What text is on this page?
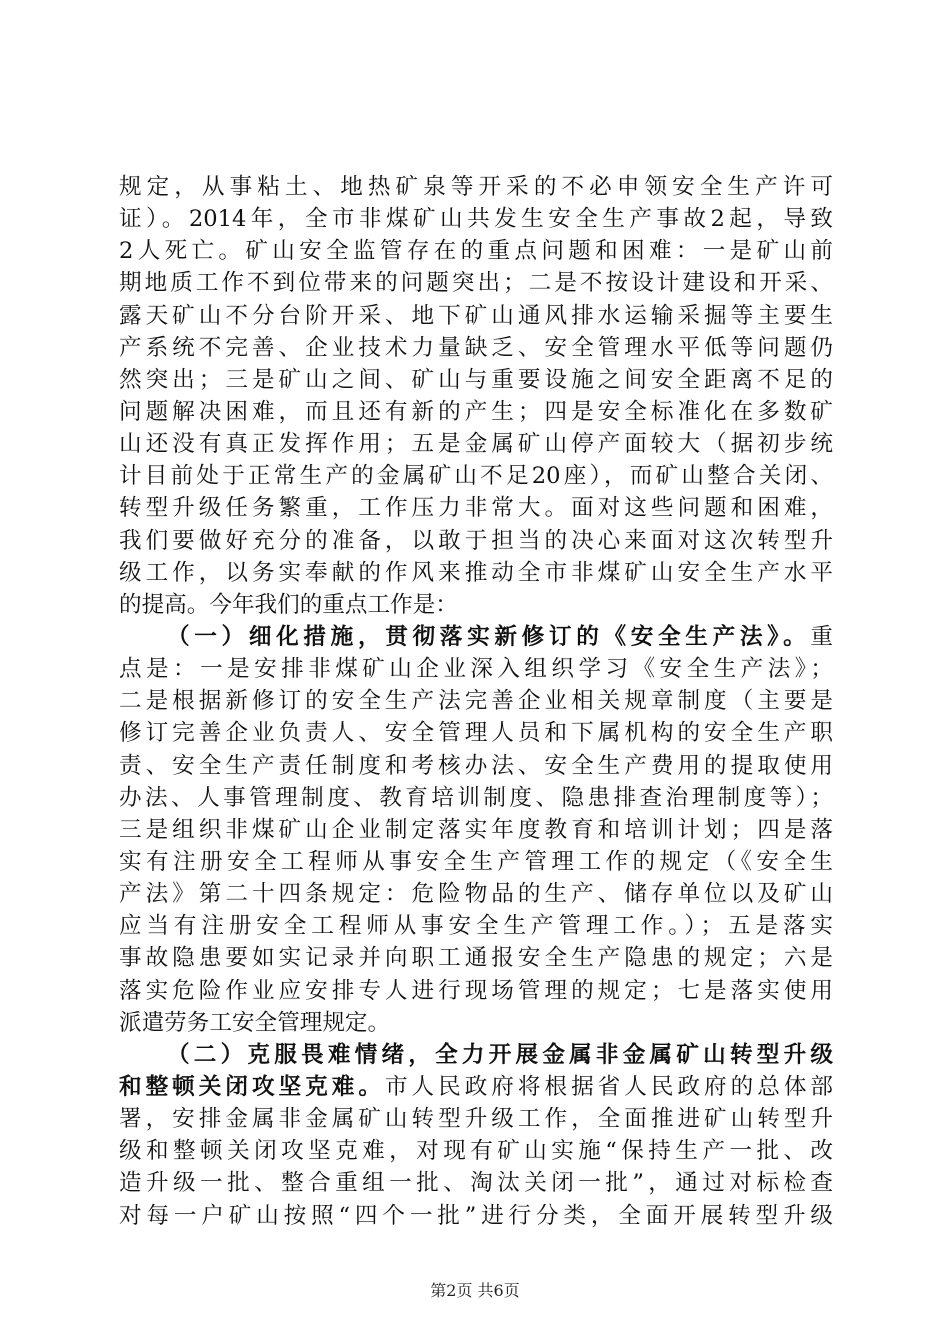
规定，从事粘土、地热矿泉等开采的不必申领安全生产许可
证）。2014年，全市非煤矿山共发生安全生产事故2起，导致
2人死亡。矿山安全监管存在的重点问题和困难：一是矿山前
期地质工作不到位带来的问题突出；二是不按设计建设和开采、
露天矿山不分台阶开采、地下矿山通风排水运输采掘等主要生
产系统不完善、企业技术力量缺乏、安全管理水平低等问题仍
然突出；三是矿山之间、矿山与重要设施之间安全距离不足的
问题解决困难，而且还有新的产生；四是安全标准化在多数矿
山还没有真正发挥作用；五是金属矿山停产面较大（据初步统
计目前处于正常生产的金属矿山不足20座），而矿山整合关闭、
转型升级任务繁重，工作压力非常大。面对这些问题和困难，
我们要做好充分的准备，以敢于担当的决心来面对这次转型升
级工作，以务实奉献的作风来推动全市非煤矿山安全生产水平
的提高。今年我们的重点工作是：
（一）细化措施，贯彻落实新修订的《安全生产法》。重
点是：一是安排非煤矿山企业深入组织学习《安全生产法》；
二是根据新修订的安全生产法完善企业相关规章制度（主要是
修订完善企业负责人、安全管理人员和下属机构的安全生产职
责、安全生产责任制度和考核办法、安全生产费用的提取使用
办法、人事管理制度、教育培训制度、隐患排查治理制度等）；
三是组织非煤矿山企业制定落实年度教育和培训计划；四是落
实有注册安全工程师从事安全生产管理工作的规定（《安全生
产法》第二十四条规定：危险物品的生产、储存单位以及矿山
应当有注册安全工程师从事安全生产管理工作。）；五是落实
事故隐患要如实记录并向职工通报安全生产隐患的规定；六是
落实危险作业应安排专人进行现场管理的规定；七是落实使用
派遣劳务工安全管理规定。
（二）克服畏难情绪，全力开展金属非金属矿山转型升级
和整顿关闭攻坚克难。市人民政府将根据省人民政府的总体部
署，安排金属非金属矿山转型升级工作，全面推进矿山转型升
级和整顿关闭攻坚克难，对现有矿山实施“保持生产一批、改
造升级一批、整合重组一批、淘汰关闭一批”，通过对标检查
对每一户矿山按照“四个一批”进行分类，全面开展转型升级
第2页 共6页
